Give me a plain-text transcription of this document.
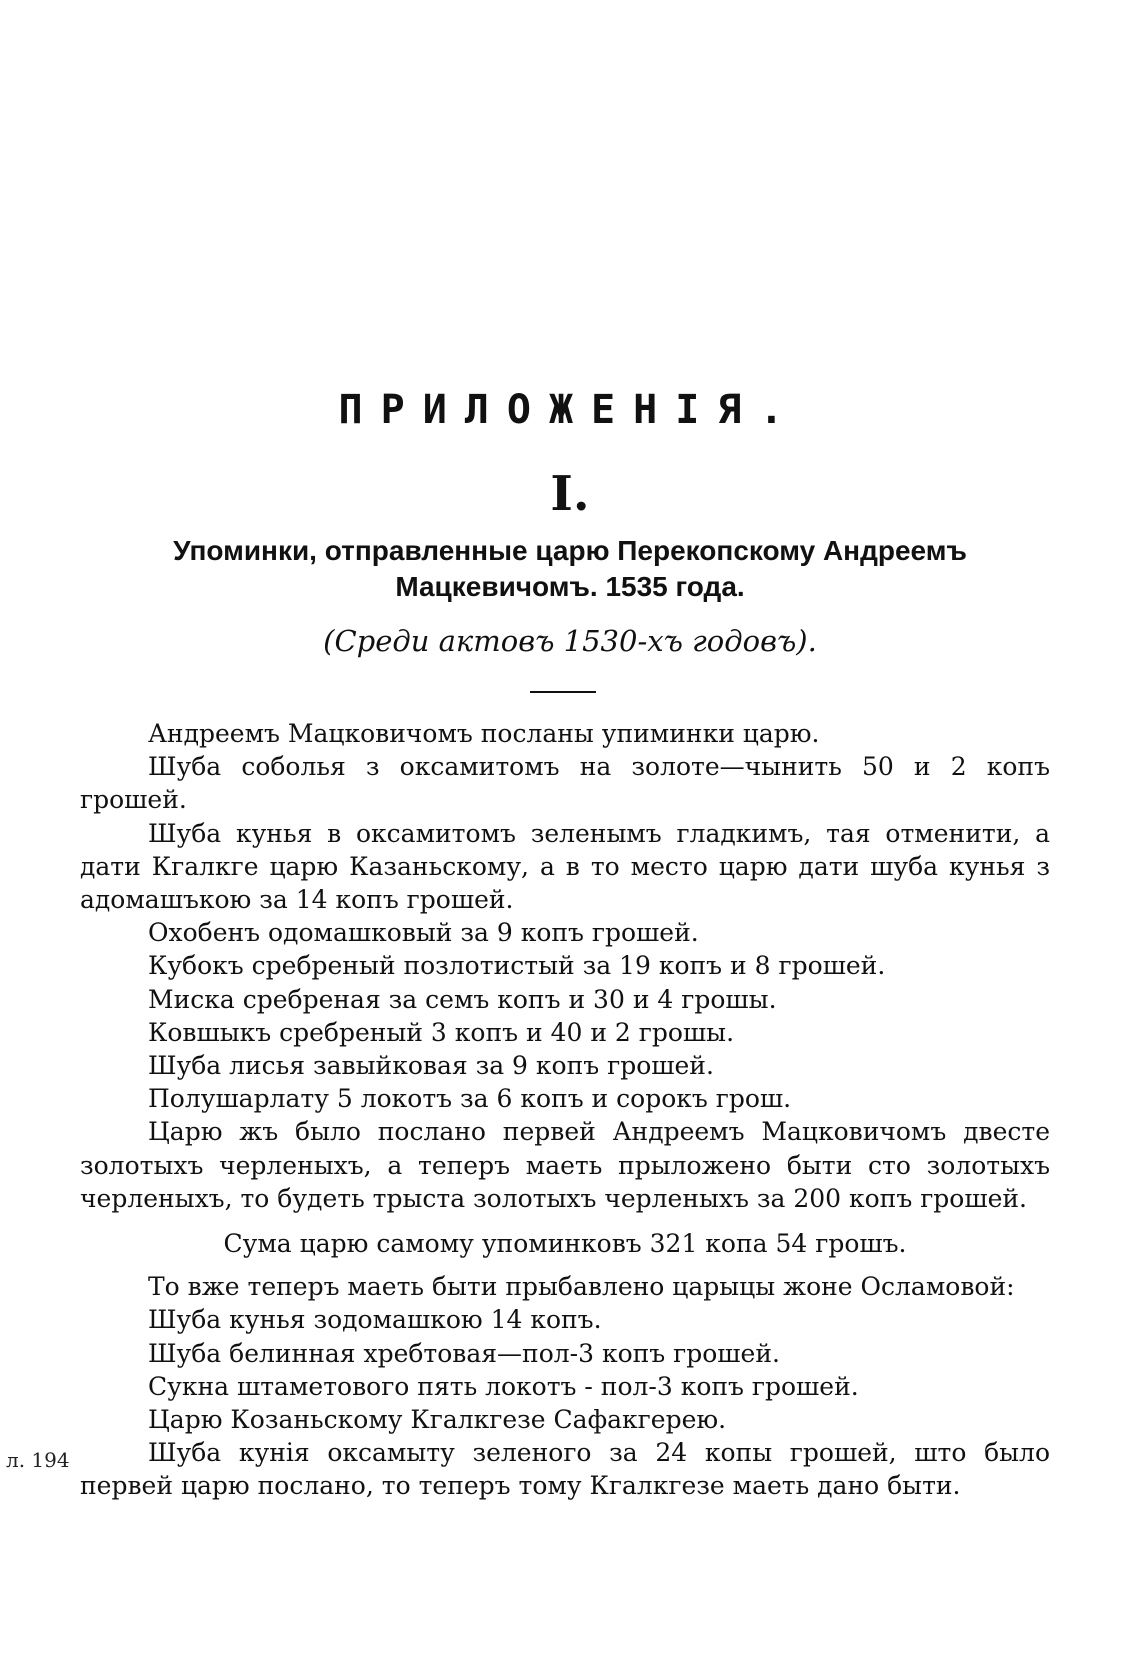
ПРИЛОЖЕНІЯ.
I.
Упоминки, отправленные царю Перекопскому Андреемъ Мацкевичомъ. 1535 года.
(Среди актовъ 1530-хъ годовъ).

Андреемъ Мацковичомъ посланы упиминки царю.

Шуба соболья з оксамитомъ на золоте—чынить 50 и 2 копъ грошей.

Шуба кунья в оксамитомъ зеленымъ гладкимъ, тая отменити, а дати Кгалкге царю Казаньскому, а в то место царю дати шуба кунья з адомашъкою за 14 копъ грошей.

Охобенъ одомашковый за 9 копъ грошей.

Кубокъ сребреный позлотистый за 19 копъ и 8 грошей.

Миска сребреная за семъ копъ и 30 и 4 грошы.

Ковшыкъ сребреный 3 копъ и 40 и 2 грошы.

Шуба лисья завыйковая за 9 копъ грошей.

Полушарлату 5 локотъ за 6 копъ и сорокъ грош.

Царю жъ было послано первей Андреемъ Мацковичомъ двесте золотыхъ черленыхъ, а теперъ маеть прыложено быти сто золотыхъ черленыхъ, то будеть трыста золотыхъ черленыхъ за 200 копъ грошей.

Сума царю самому упоминковъ 321 копа 54 грошъ.

То вже теперъ маеть быти прыбавлено царыцы жоне Осламовой:

Шуба кунья зодомашкою 14 копъ.

Шуба белинная хребтовая—пол-3 копъ грошей.

Сукна штаметового пять локотъ - пол-3 копъ грошей.

Царю Козаньскому Кгалкгезе Сафакгерею.

Шуба кунія оксамыту зеленого за 24 копы грошей, што было первей царю послано, то теперъ тому Кгалкгезе маеть дано быти.

л. 194
